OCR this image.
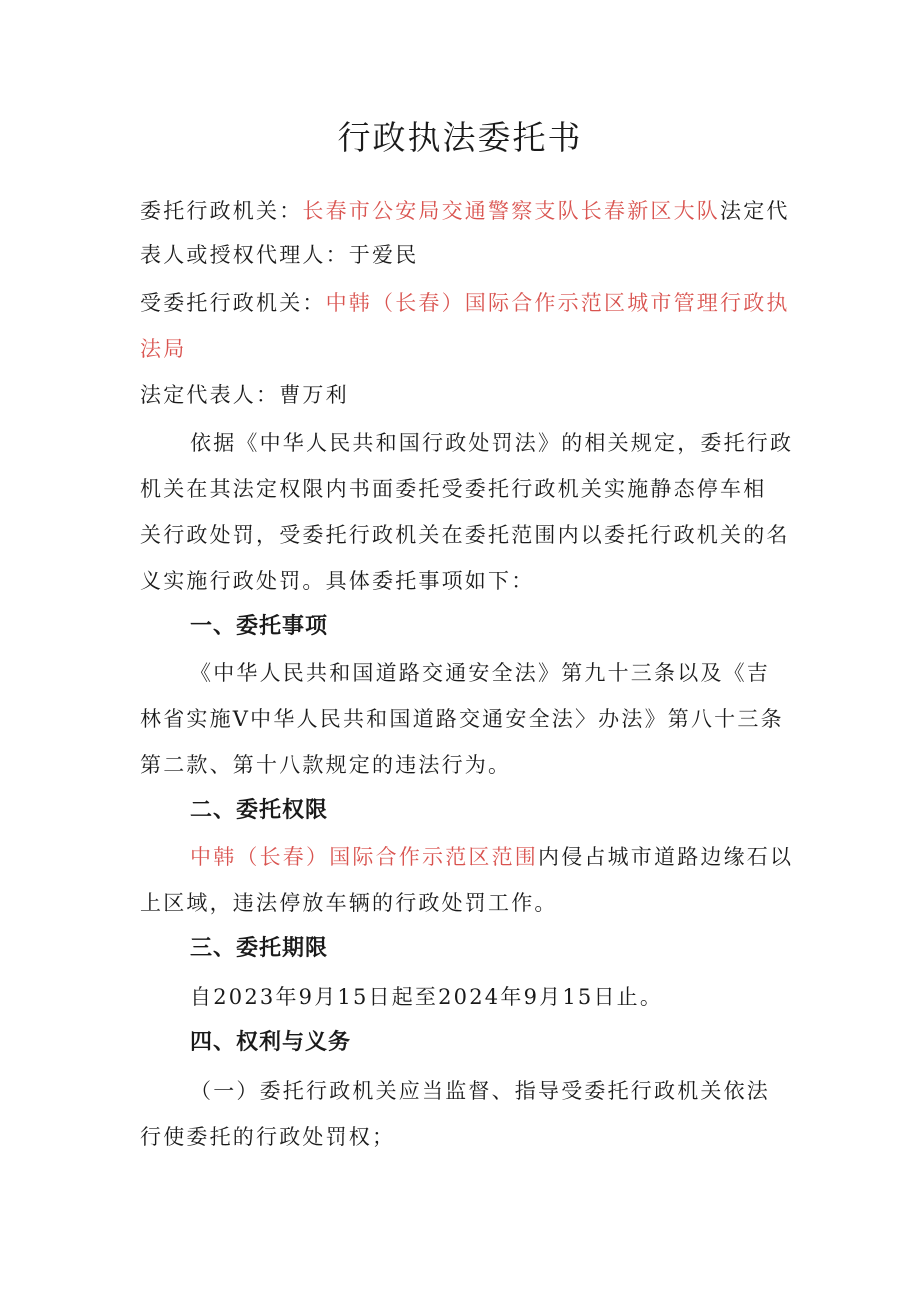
行政执法委托书
委托行政机关：长春市公安局交通警察支队长春新区大队法定代
表人或授权代理人：于爱民
受委托行政机关：中韩（长春）国际合作示范区城市管理行政执
法局
法定代表人：曹万利
依据《中华人民共和国行政处罚法》的相关规定，委托行政
机关在其法定权限内书面委托受委托行政机关实施静态停车相
关行政处罚，受委托行政机关在委托范围内以委托行政机关的名
义实施行政处罚。具体委托事项如下：
一、委托事项
《中华人民共和国道路交通安全法》第九十三条以及《吉
林省实施V中华人民共和国道路交通安全法〉办法》第八十三条
第二款、第十八款规定的违法行为。
二、委托权限
中韩（长春）国际合作示范区范围内侵占城市道路边缘石以
上区域，违法停放车辆的行政处罚工作。
三、委托期限
自2023年9月15日起至2024年9月15日止。
四、权利与义务
（一）委托行政机关应当监督、指导受委托行政机关依法
行使委托的行政处罚权；
